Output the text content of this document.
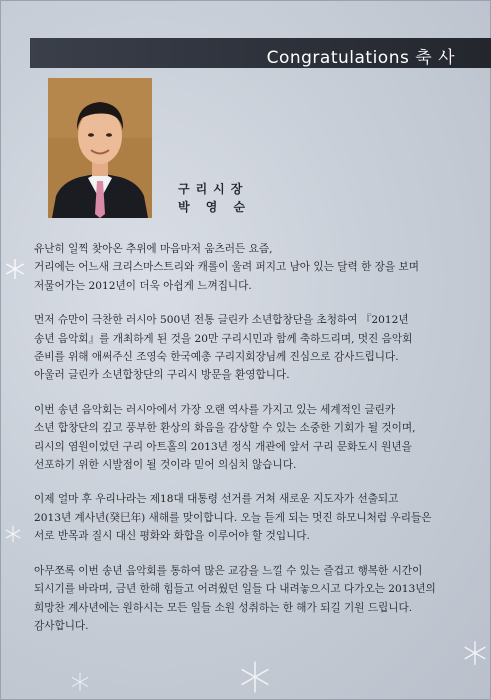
Congratulations 축 사
구리시장
박 영 순

유난히 일찍 찾아온 추위에 마음마저 움츠러든 요즘,

거리에는 어느새 크리스마스트리와 캐롤이 울려 퍼지고 남아 있는 달력 한 장을 보며

저물어가는 2012년이 더욱 아쉽게 느껴집니다.

먼저 슈만이 극찬한 러시아 500년 전통 글린카 소년합창단을 초청하여 『2012년

송년 음악회』를 개최하게 된 것을 20만 구리시민과 함께 축하드리며, 멋진 음악회

준비를 위해 애써주신 조영숙 한국예총 구리지회장님께 진심으로 감사드립니다.

아울러 글린카 소년합창단의 구리시 방문을 환영합니다.

이번 송년 음악회는 러시아에서 가장 오랜 역사를 가지고 있는 세계적인 글린카

소년 합창단의 깊고 풍부한 환상의 화음을 감상할 수 있는 소중한 기회가 될 것이며,

리시의 염원이었던 구리 아트홀의 2013년 정식 개관에 앞서 구리 문화도시 원년을

선포하기 위한 시발점이 될 것이라 믿어 의심치 않습니다.

이제 얼마 후 우리나라는 제18대 대통령 선거를 거쳐 새로운 지도자가 선출되고

2013년 계사년(癸巳年) 새해를 맞이합니다. 오늘 듣게 되는 멋진 하모니처럼 우리들은

서로 반목과 질시 대신 평화와 화합을 이루어야 할 것입니다.

아무쪼록 이번 송년 음악회를 통하여 많은 교감을 느낄 수 있는 즐겁고 행복한 시간이

되시기를 바라며, 금년 한해 힘들고 어려웠던 일들 다 내려놓으시고 다가오는 2013년의

희망찬 계사년에는 원하시는 모든 일들 소원 성취하는 한 해가 되길 기원 드립니다.

감사합니다.
